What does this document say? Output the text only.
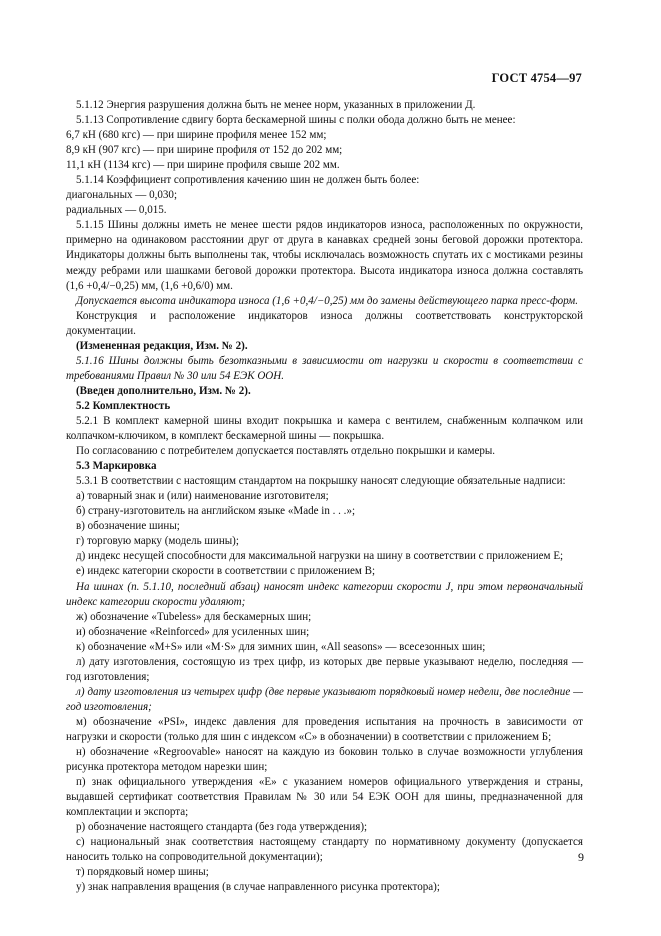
ГОСТ 4754—97

5.1.12 Энергия разрушения должна быть не менее норм, указанных в приложении Д.

5.1.13 Сопротивление сдвигу борта бескамерной шины с полки обода должно быть не менее:

6,7 кН (680 кгс) — при ширине профиля менее 152 мм;

8,9 кН (907 кгс) — при ширине профиля от 152 до 202 мм;

11,1 кН (1134 кгс) — при ширине профиля свыше 202 мм.

5.1.14 Коэффициент сопротивления качению шин не должен быть более:

диагональных — 0,030;

радиальных — 0,015.

5.1.15 Шины должны иметь не менее шести рядов индикаторов износа, расположенных по окружности, примерно на одинаковом расстоянии друг от друга в канавках средней зоны беговой дорожки протектора. Индикаторы должны быть выполнены так, чтобы исключалась возможность спутать их с мостиками резины между ребрами или шашками беговой дорожки протектора. Высота индикатора износа должна составлять (1,6 +0,4/−0,25) мм, (1,6 +0,6/0) мм.

Допускается высота индикатора износа (1,6 +0,4/−0,25) мм до замены действующего парка пресс-форм.

Конструкция и расположение индикаторов износа должны соответствовать конструкторской документации.

(Измененная редакция, Изм. № 2).

5.1.16 Шины должны быть безотказными в зависимости от нагрузки и скорости в соответствии с требованиями Правил № 30 или 54 ЕЭК ООН.

(Введен дополнительно, Изм. № 2).

5.2 Комплектность

5.2.1 В комплект камерной шины входит покрышка и камера с вентилем, снабженным колпачком или колпачком-ключиком, в комплект бескамерной шины — покрышка.

По согласованию с потребителем допускается поставлять отдельно покрышки и камеры.

5.3 Маркировка

5.3.1 В соответствии с настоящим стандартом на покрышку наносят следующие обязательные надписи:

а) товарный знак и (или) наименование изготовителя;

б) страну-изготовитель на английском языке «Made in . . .»;

в) обозначение шины;

г) торговую марку (модель шины);

д) индекс несущей способности для максимальной нагрузки на шину в соответствии с приложением Е;

е) индекс категории скорости в соответствии с приложением В;

На шинах (п. 5.1.10, последний абзац) наносят индекс категории скорости J, при этом первоначальный индекс категории скорости удаляют;

ж) обозначение «Tubeless» для бескамерных шин;

и) обозначение «Reinforced» для усиленных шин;

к) обозначение «M+S» или «M·S» для зимних шин, «All seasons» — всесезонных шин;

л) дату изготовления, состоящую из трех цифр, из которых две первые указывают неделю, последняя — год изготовления;

л) дату изготовления из четырех цифр (две первые указывают порядковый номер недели, две последние — год изготовления;

м) обозначение «PSI», индекс давления для проведения испытания на прочность в зависимости от нагрузки и скорости (только для шин с индексом «С» в обозначении) в соответствии с приложением Б;

н) обозначение «Regroovable» наносят на каждую из боковин только в случае возможности углубления рисунка протектора методом нарезки шин;

п) знак официального утверждения «Е» с указанием номеров официального утверждения и страны, выдавшей сертификат соответствия Правилам № 30 или 54 ЕЭК ООН для шины, предназначенной для комплектации и экспорта;

р) обозначение настоящего стандарта (без года утверждения);

с) национальный знак соответствия настоящему стандарту по нормативному документу (допускается наносить только на сопроводительной документации);

т) порядковый номер шины;

у) знак направления вращения (в случае направленного рисунка протектора);

9
